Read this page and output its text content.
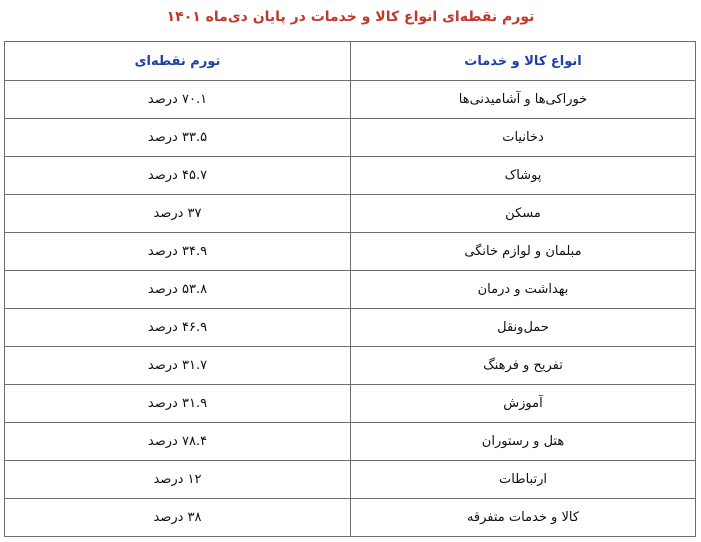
تورم نقطه‌ای انواع کالا و خدمات در پایان دی‌ماه ۱۴۰۱
انواع کالا و خدمات	تورم نقطه‌ای
خوراکی‌ها و آشامیدنی‌ها	۷۰.۱ درصد
دخانیات	۳۳.۵ درصد
پوشاک	۴۵.۷ درصد
مسکن	۳۷ درصد
مبلمان و لوازم خانگی	۳۴.۹ درصد
بهداشت و درمان	۵۳.۸ درصد
حمل‌ونقل	۴۶.۹ درصد
تفریح و فرهنگ	۳۱.۷ درصد
آموزش	۳۱.۹ درصد
هتل و رستوران	۷۸.۴ درصد
ارتباطات	۱۲ درصد
کالا و خدمات متفرقه	۳۸ درصد
